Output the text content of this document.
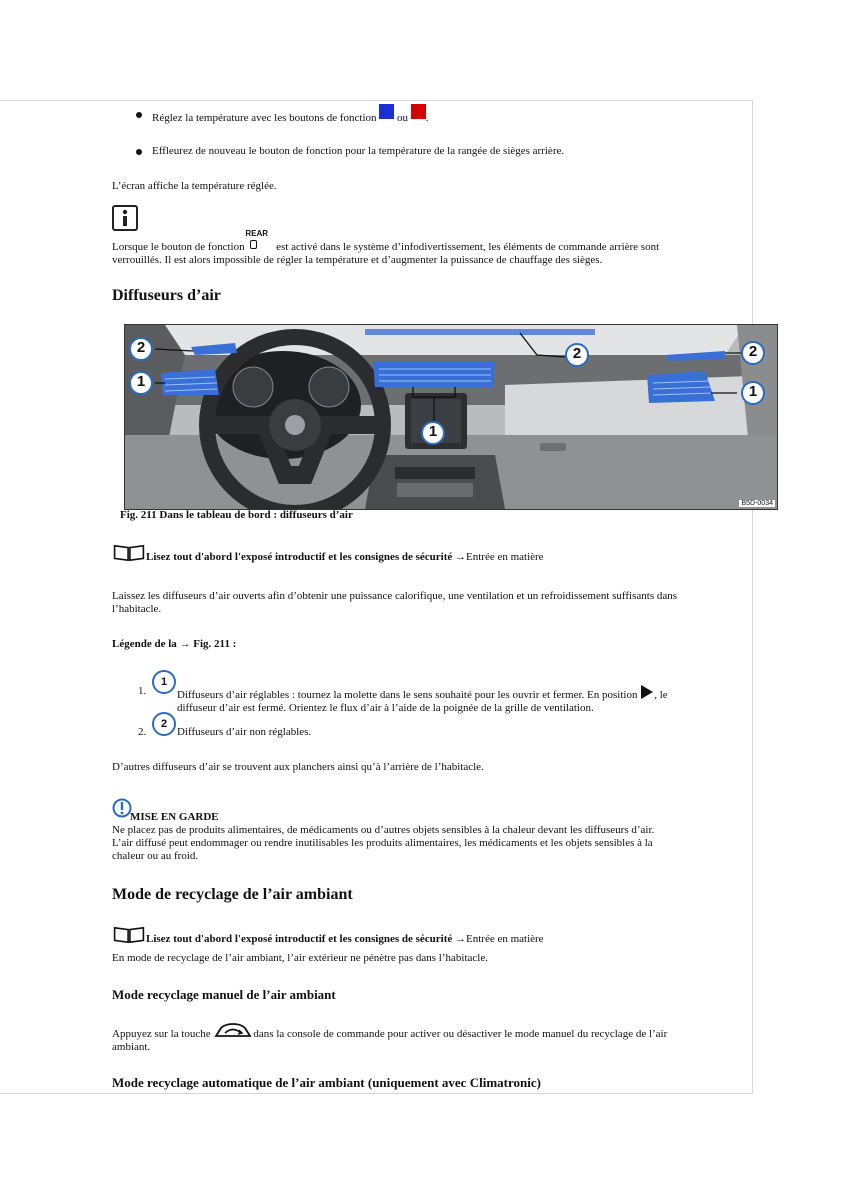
Réglez la température avec les boutons de fonction ou .
Effleurez de nouveau le bouton de fonction pour la température de la rangée de sièges arrière.
L’écran affiche la température réglée.
Lorsque le bouton de fonction
REAR
est activé dans le système d’infodivertissement, les éléments de commande arrière sont
verrouillés. Il est alors impossible de régler la température et d’augmenter la puissance de chauffage des sièges.
Diffuseurs d’air
2
1
2
1
2
1
B5D-0034
Fig. 211 Dans le tableau de bord : diffuseurs d’air
Lisez tout d'abord l'exposé introductif et les consignes de sécurité →Entrée en matière
Laissez les diffuseurs d’air ouverts afin d’obtenir une puissance calorifique, une ventilation et un refroidissement suffisants dans
l’habitacle.
Légende de la → Fig. 211 :
1.
1
Diffuseurs d’air réglables : tournez la molette dans le sens souhaité pour les ouvrir et fermer. En position , le
diffuseur d’air est fermé. Orientez le flux d’air à l’aide de la poignée de la grille de ventilation.
2.
2
Diffuseurs d’air non réglables.
D’autres diffuseurs d’air se trouvent aux planchers ainsi qu’à l’arrière de l’habitacle.
MISE EN GARDE
Ne placez pas de produits alimentaires, de médicaments ou d’autres objets sensibles à la chaleur devant les diffuseurs d’air.
L’air diffusé peut endommager ou rendre inutilisables les produits alimentaires, les médicaments et les objets sensibles à la
chaleur ou au froid.
Mode de recyclage de l’air ambiant
Lisez tout d'abord l'exposé introductif et les consignes de sécurité →Entrée en matière
En mode de recyclage de l’air ambiant, l’air extérieur ne pénètre pas dans l’habitacle.
Mode recyclage manuel de l’air ambiant
Appuyez sur la touche	dans la console de commande pour activer ou désactiver le mode manuel du recyclage de l’air
ambiant.
Mode recyclage automatique de l’air ambiant (uniquement avec Climatronic)
